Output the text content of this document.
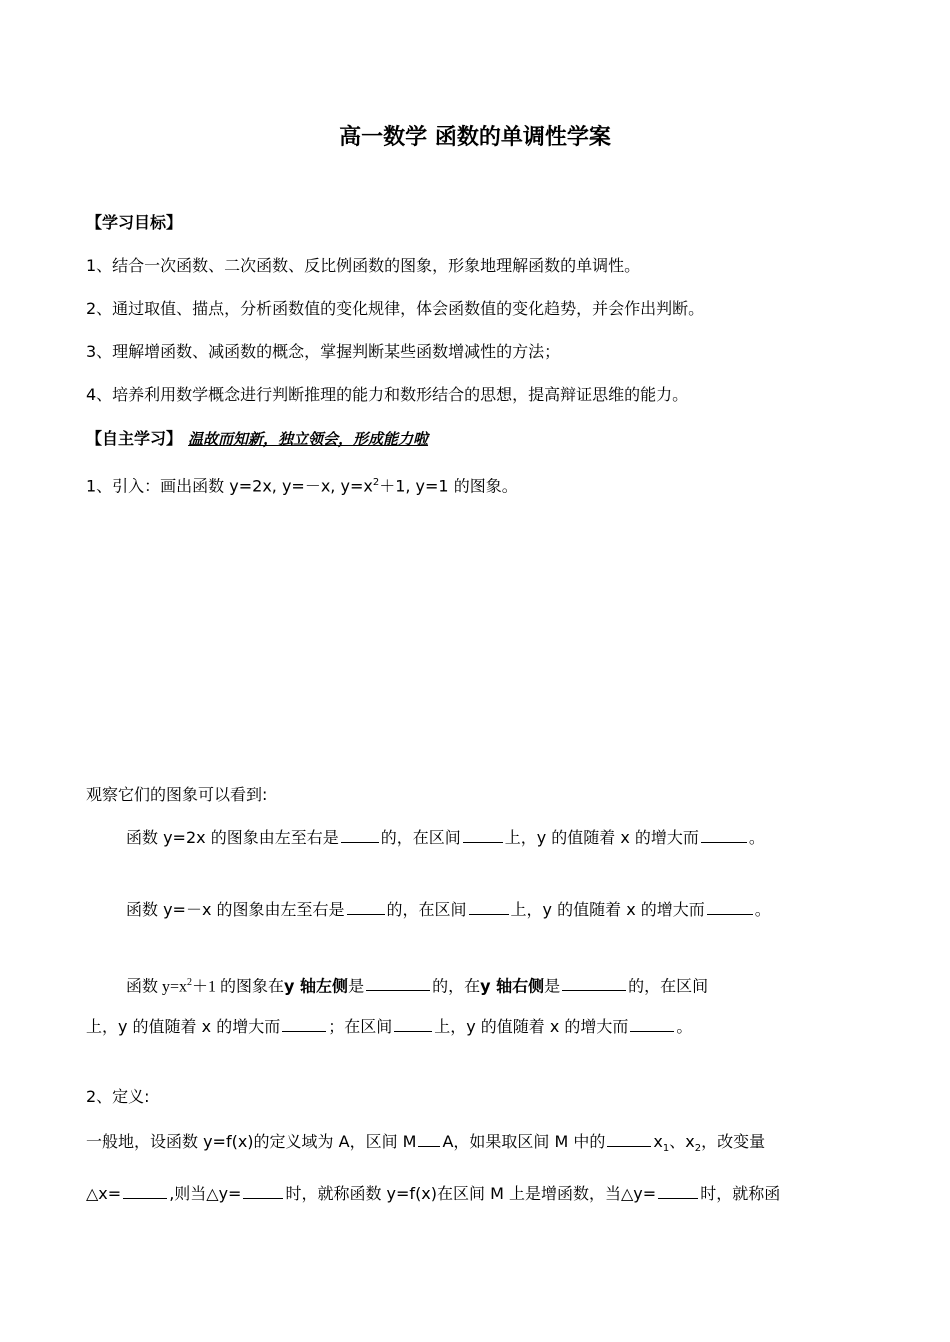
高一数学 函数的单调性学案
【学习目标】
1、结合一次函数、二次函数、反比例函数的图象，形象地理解函数的单调性。
2、通过取值、描点，分析函数值的变化规律，体会函数值的变化趋势，并会作出判断。
3、理解增函数、减函数的概念，掌握判断某些函数增减性的方法；
4、培养利用数学概念进行判断推理的能力和数形结合的思想，提高辩证思维的能力。
【自主学习】 温故而知新，独立领会，形成能力啦
1、引入：画出函数 y=2x, y=－x, $y=x^2+1$, y=1 的图象。
观察它们的图象可以看到:
函数 y=2x 的图象由左至右是	的，在区间	上，y 的值随着 x 的增大而	。
函数 y=－x 的图象由左至右是	的，在区间	上，y 的值随着 x 的增大而	。
函数 $y=x^2+1$ 的图象在y 轴左侧是	的，在y 轴右侧是	的，在区间
上，y 的值随着 x 的增大而	；在区间	上，y 的值随着 x 的增大而	。
2、定义:
一般地，设函数 y=f(x)的定义域为 A，区间 M A，如果取区间 M 中的	$x_1$、$x_2$，改变量
△x=	,则当△y=	时，就称函数 y=f(x)在区间 M 上是增函数，当△y=	时，就称函
